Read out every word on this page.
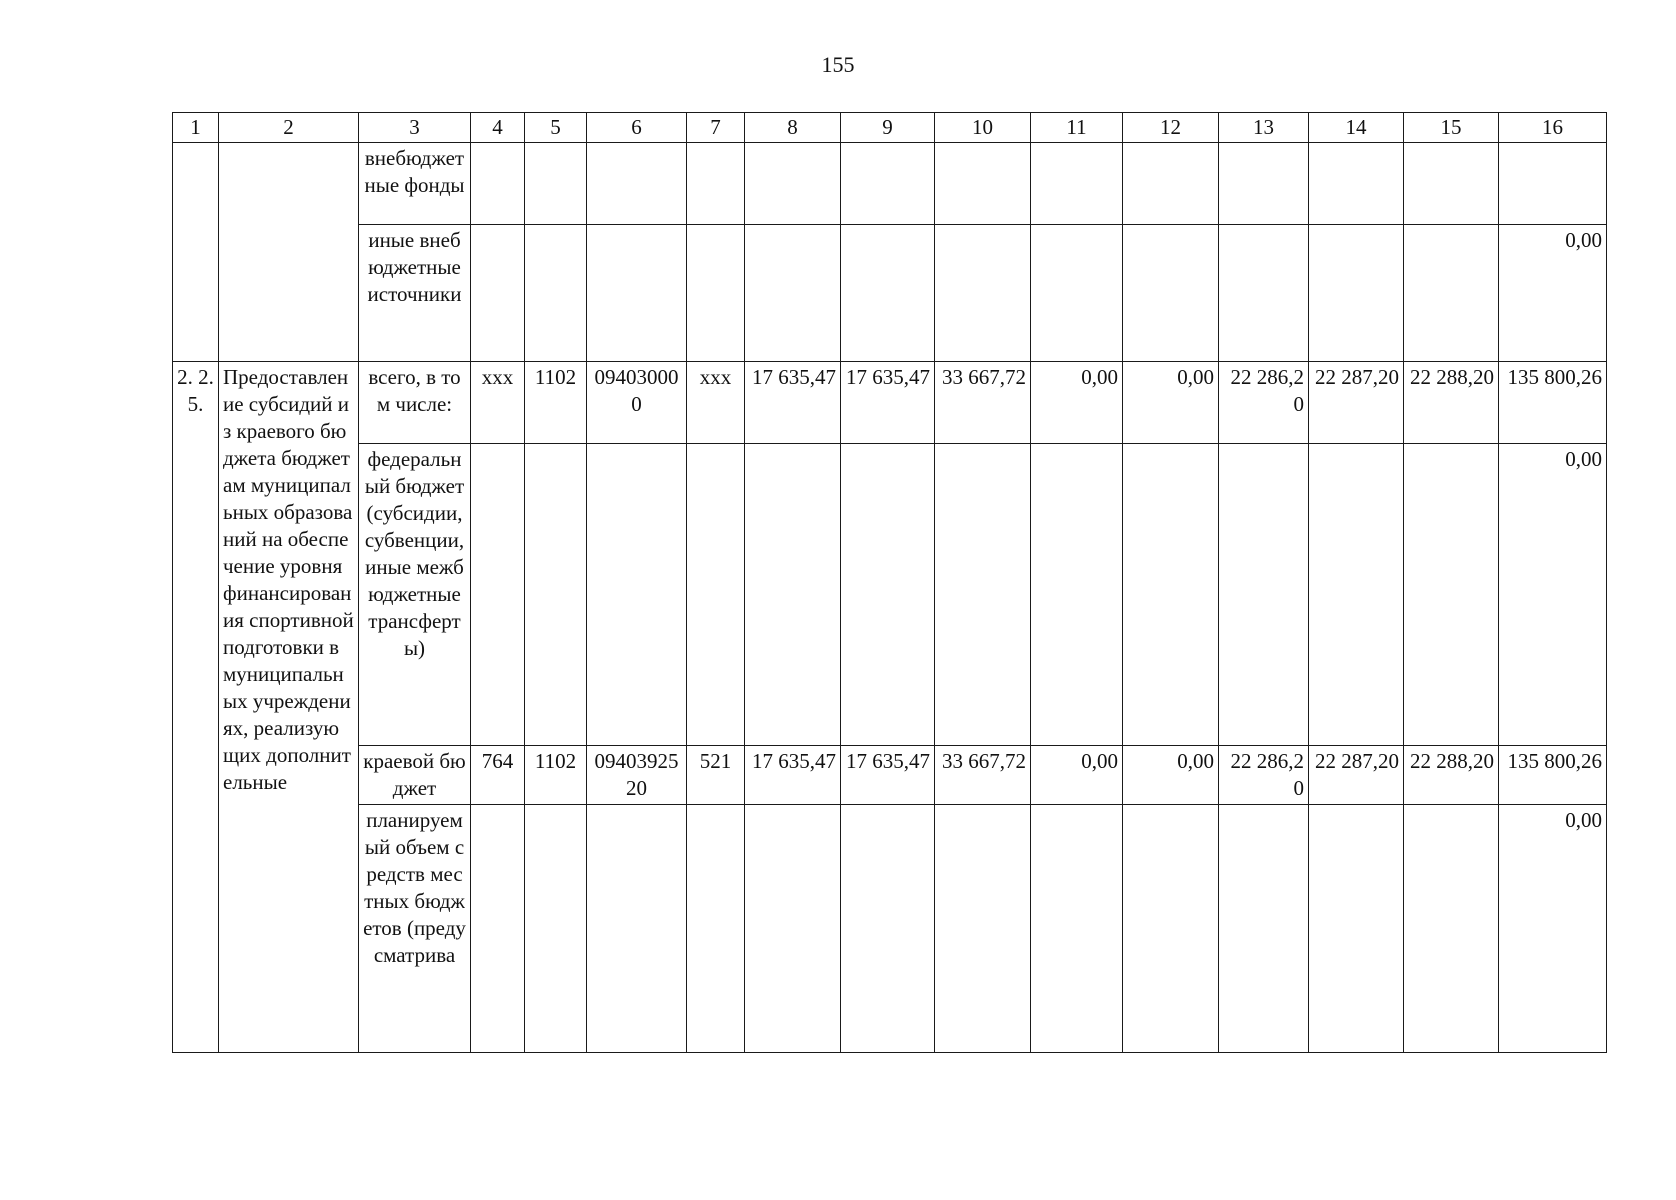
155
1	2	3	4	5	6	7	8	9	10	11	12	13	14	15	16
		внебюджетные фонды													
		иные внебюджетные источники													0,00
2. 2. 5.	Предоставление субсидий из краевого бюджета бюджетам муниципальных образований на обеспечение уровня финансирования спортивной подготовки в муниципальных учреждениях, реализующих дополнительные	всего, в том числе:	xxx	1102	094030000	xxx	17 635,47	17 635,47	33 667,72	0,00	0,00	22 286,20	22 287,20	22 288,20	135 800,26
		федеральный бюджет (субсидии, субвенции, иные межбюджетные трансферты)													0,00
		краевой бюджет	764	1102	0940392520	521	17 635,47	17 635,47	33 667,72	0,00	0,00	22 286,20	22 287,20	22 288,20	135 800,26
		планируемый объем средств местных бюджетов (предусматрива													0,00
